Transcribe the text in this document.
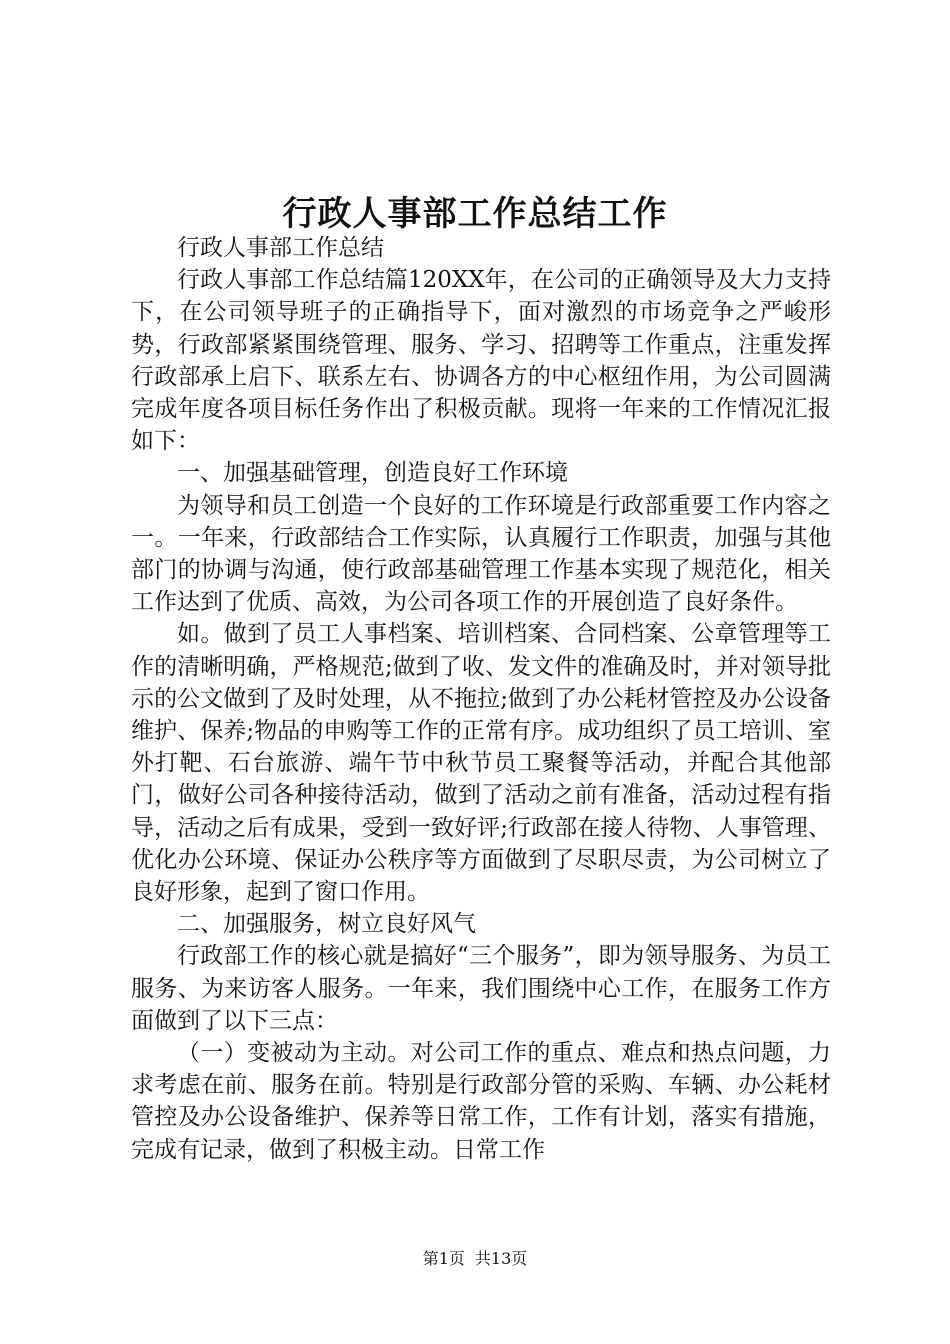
行政人事部工作总结工作

行政人事部工作总结

行政人事部工作总结篇120XX年，在公司的正确领导及大力支持下，在公司领导班子的正确指导下，面对激烈的市场竞争之严峻形势，行政部紧紧围绕管理、服务、学习、招聘等工作重点，注重发挥行政部承上启下、联系左右、协调各方的中心枢纽作用，为公司圆满完成年度各项目标任务作出了积极贡献。现将一年来的工作情况汇报如下：

一、加强基础管理，创造良好工作环境

为领导和员工创造一个良好的工作环境是行政部重要工作内容之一。一年来，行政部结合工作实际，认真履行工作职责，加强与其他部门的协调与沟通，使行政部基础管理工作基本实现了规范化，相关工作达到了优质、高效，为公司各项工作的开展创造了良好条件。

如。做到了员工人事档案、培训档案、合同档案、公章管理等工作的清晰明确，严格规范;做到了收、发文件的准确及时，并对领导批示的公文做到了及时处理，从不拖拉;做到了办公耗材管控及办公设备维护、保养;物品的申购等工作的正常有序。成功组织了员工培训、室外打靶、石台旅游、端午节中秋节员工聚餐等活动，并配合其他部门，做好公司各种接待活动，做到了活动之前有准备，活动过程有指导，活动之后有成果，受到一致好评;行政部在接人待物、人事管理、优化办公环境、保证办公秩序等方面做到了尽职尽责，为公司树立了良好形象，起到了窗口作用。

二、加强服务，树立良好风气

行政部工作的核心就是搞好“三个服务”，即为领导服务、为员工服务、为来访客人服务。一年来，我们围绕中心工作，在服务工作方面做到了以下三点：

（一）变被动为主动。对公司工作的重点、难点和热点问题，力求考虑在前、服务在前。特别是行政部分管的采购、车辆、办公耗材管控及办公设备维护、保养等日常工作，工作有计划，落实有措施，完成有记录，做到了积极主动。日常工作

第1页 共13页
